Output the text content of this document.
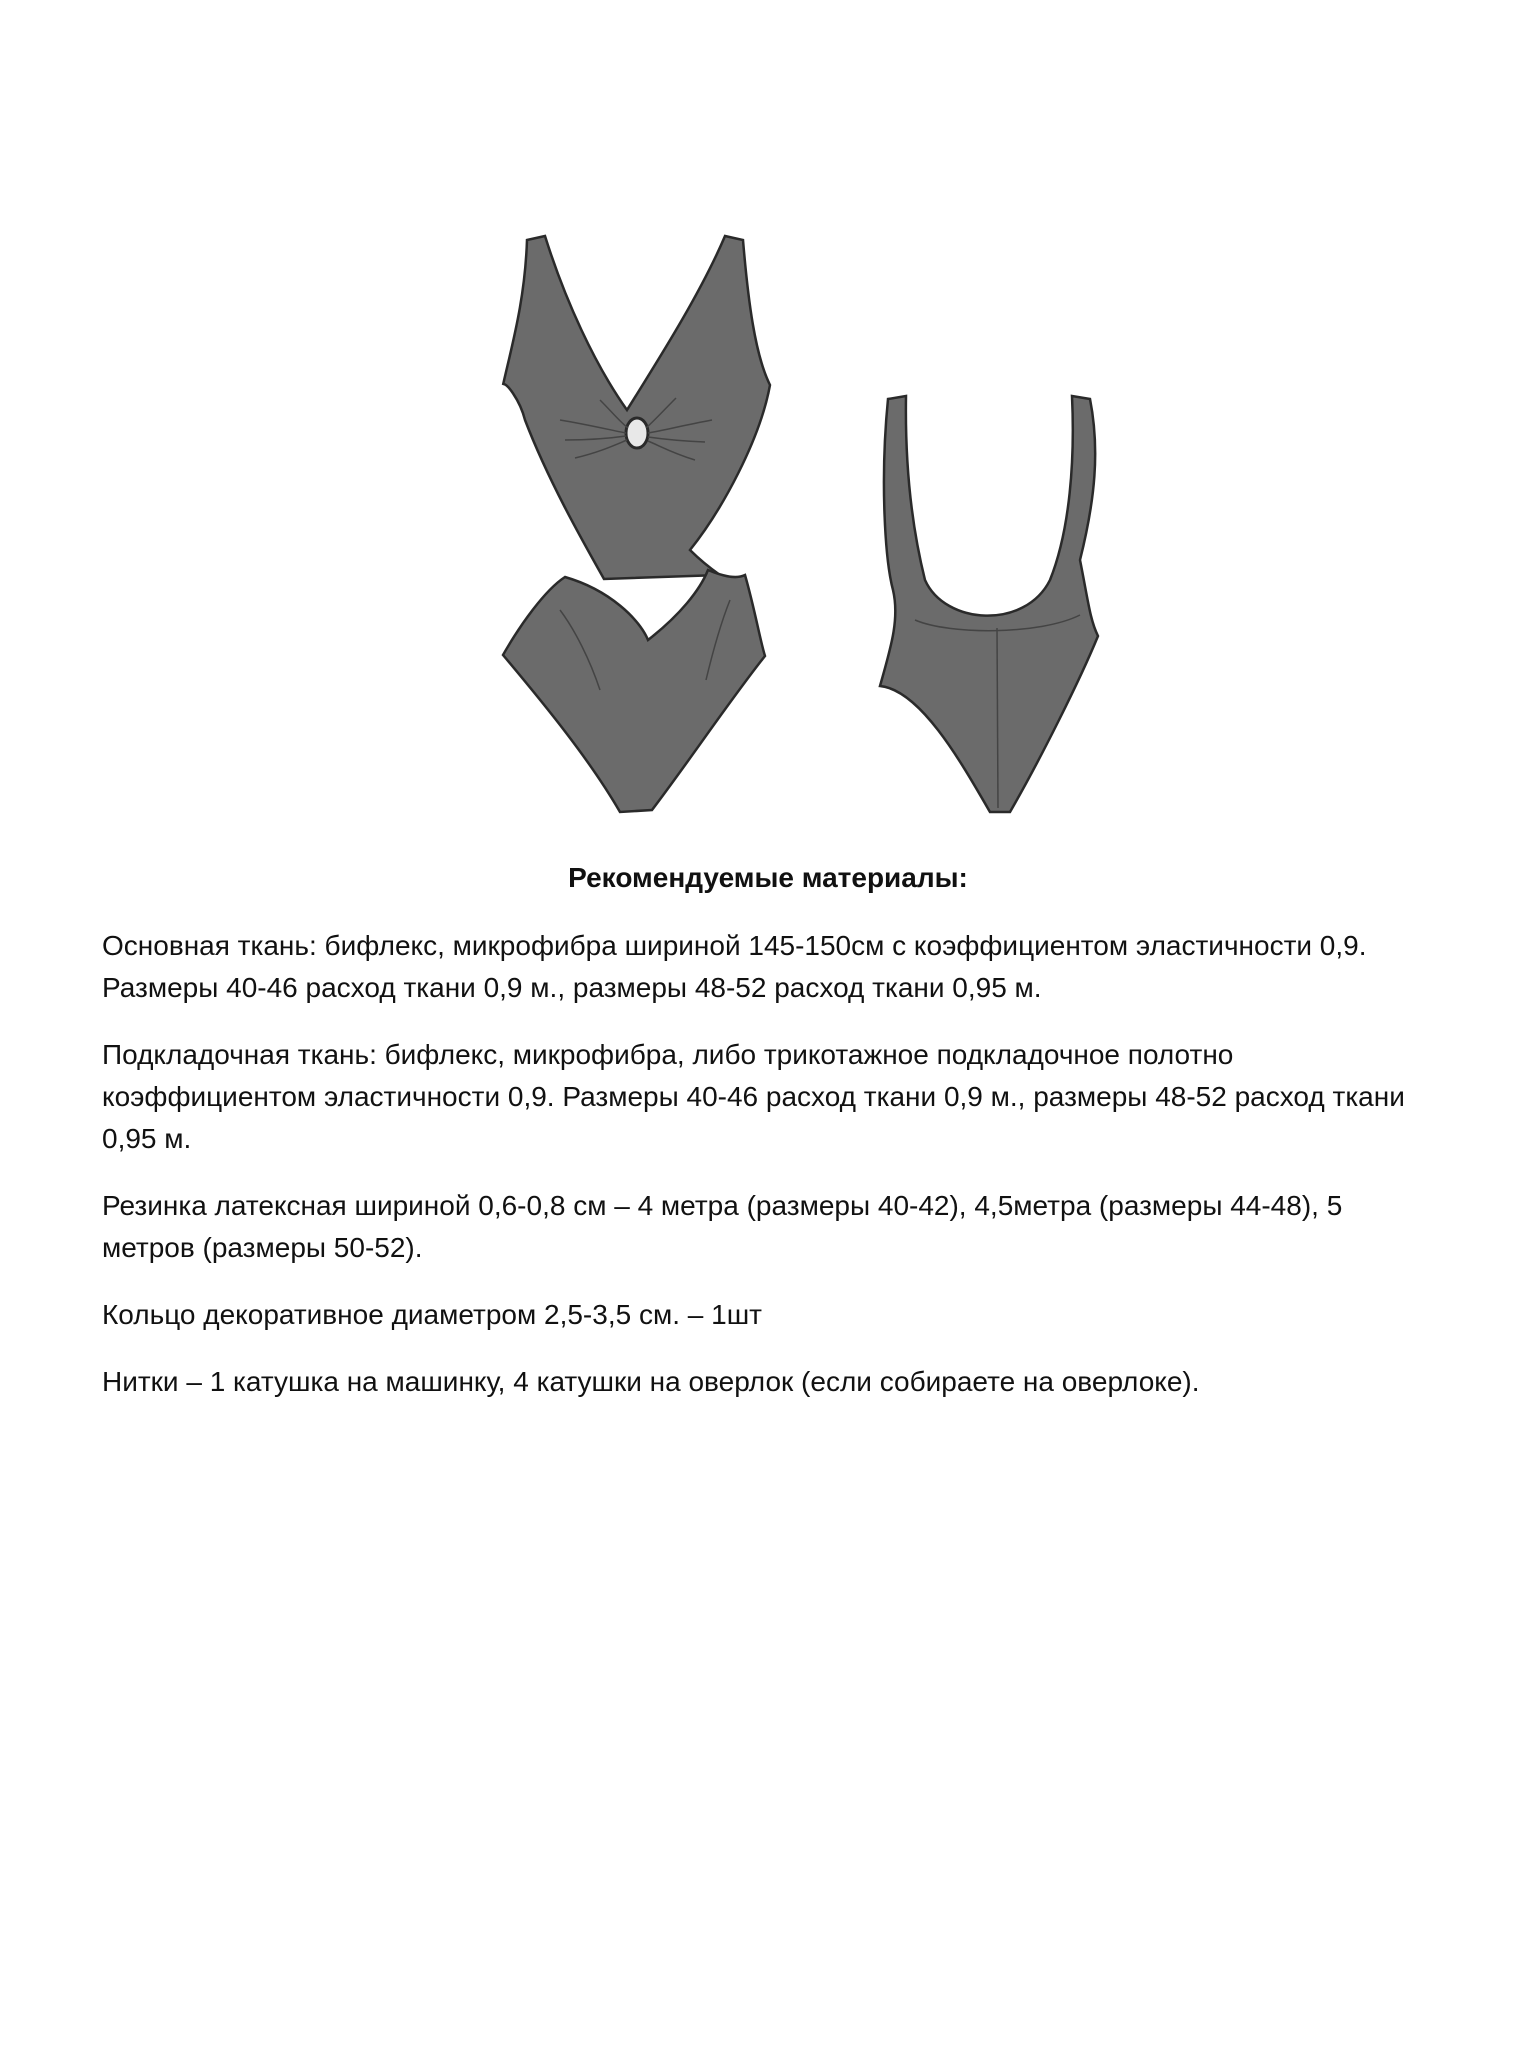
Рекомендуемые материалы:

Основная ткань: бифлекс, микрофибра шириной 145-150см с коэффициентом эластичности 0,9.
Размеры 40-46 расход ткани 0,9 м., размеры 48-52 расход ткани 0,95 м.

Подкладочная ткань: бифлекс, микрофибра, либо трикотажное подкладочное полотно
коэффициентом эластичности 0,9. Размеры 40-46 расход ткани 0,9 м., размеры 48-52 расход ткани
0,95 м.

Резинка латексная шириной 0,6-0,8 см – 4 метра (размеры 40-42), 4,5метра (размеры 44-48), 5
метров (размеры 50-52).

Кольцо декоративное диаметром 2,5-3,5 см. – 1шт

Нитки – 1 катушка на машинку, 4 катушки на оверлок (если собираете на оверлоке).
